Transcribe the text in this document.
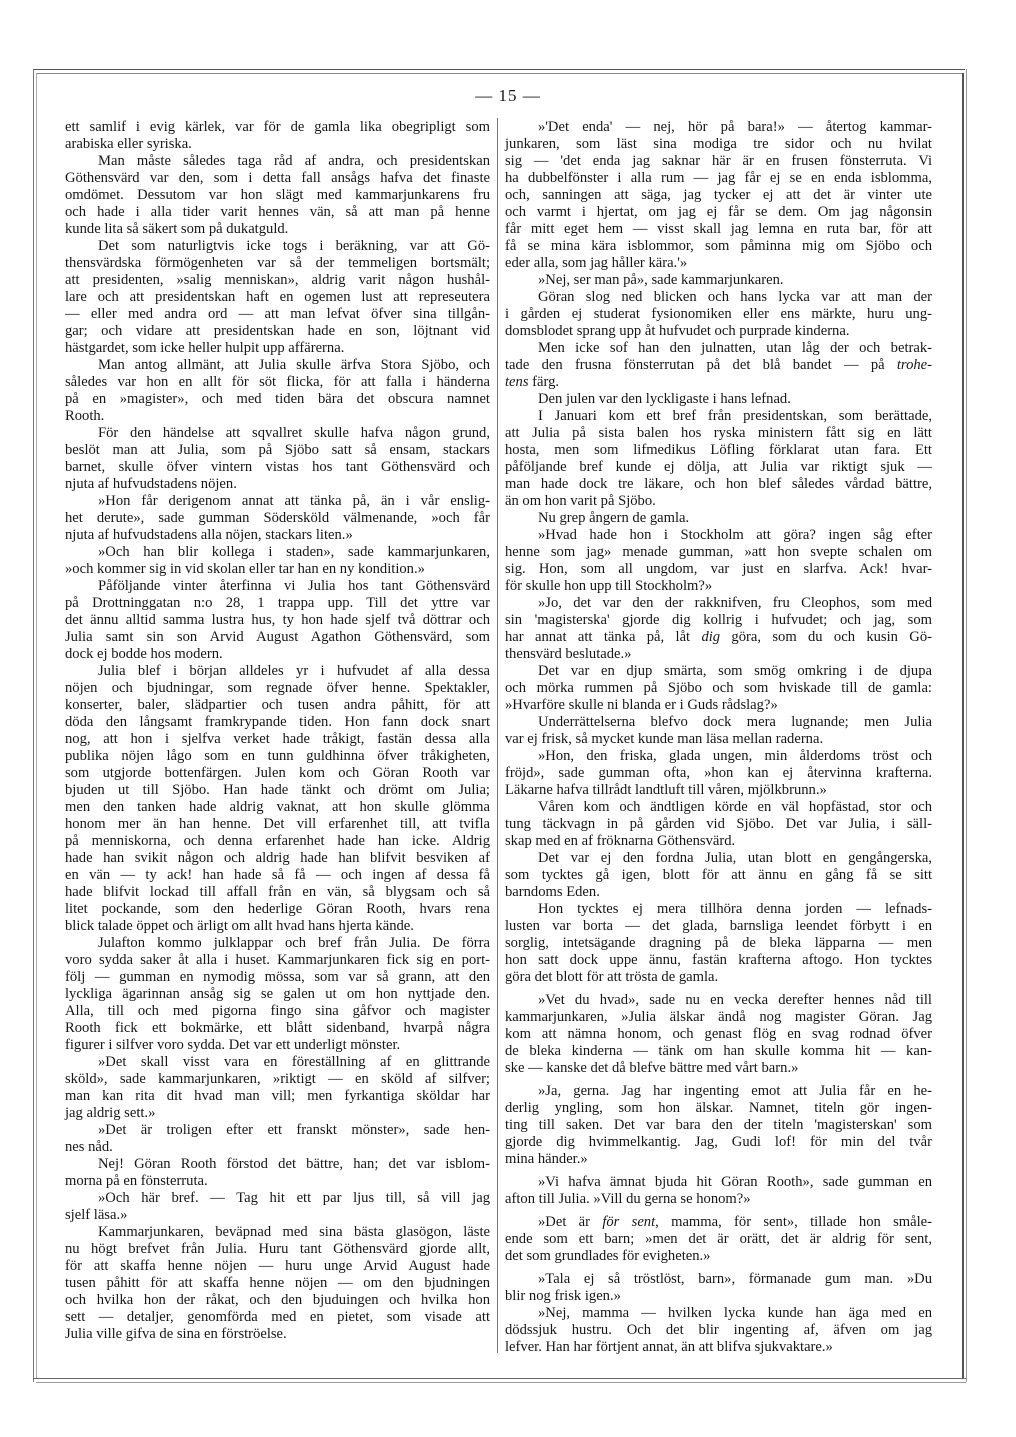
— 15 —
ett samlif i evig kärlek, var för de gamla lika obegripligt som
arabiska eller syriska.
Man måste således taga råd af andra, och presidentskan
Göthensvärd var den, som i detta fall ansågs hafva det finaste
omdömet. Dessutom var hon slägt med kammarjunkarens fru
och hade i alla tider varit hennes vän, så att man på henne
kunde lita så säkert som på dukatguld.
Det som naturligtvis icke togs i beräkning, var att Gö-
thensvärdska förmögenheten var så der temmeligen bortsmält;
att presidenten, »salig menniskan», aldrig varit någon hushål-
lare och att presidentskan haft en ogemen lust att represeutera
— eller med andra ord — att man lefvat öfver sina tillgån-
gar; och vidare att presidentskan hade en son, löjtnant vid
hästgardet, som icke heller hulpit upp affärerna.
Man antog allmänt, att Julia skulle ärfva Stora Sjöbo, och
således var hon en allt för söt flicka, för att falla i händerna
på en »magister», och med tiden bära det obscura namnet
Rooth.
För den händelse att sqvallret skulle hafva någon grund,
beslöt man att Julia, som på Sjöbo satt så ensam, stackars
barnet, skulle öfver vintern vistas hos tant Göthensvärd och
njuta af hufvudstadens nöjen.
»Hon får derigenom annat att tänka på, än i vår enslig-
het derute», sade gumman Södersköld välmenande, »och får
njuta af hufvudstadens alla nöjen, stackars liten.»
»Och han blir kollega i staden», sade kammarjunkaren,
»och kommer sig in vid skolan eller tar han en ny kondition.»
Påföljande vinter återfinna vi Julia hos tant Göthensvärd
på Drottninggatan n:o 28, 1 trappa upp. Till det yttre var
det ännu alltid samma lustra hus, ty hon hade sjelf två döttrar och
Julia samt sin son Arvid August Agathon Göthensvärd, som
dock ej bodde hos modern.
Julia blef i början alldeles yr i hufvudet af alla dessa
nöjen och bjudningar, som regnade öfver henne. Spektakler,
konserter, baler, slädpartier och tusen andra påhitt, för att
döda den långsamt framkrypande tiden. Hon fann dock snart
nog, att hon i sjelfva verket hade tråkigt, fastän dessa alla
publika nöjen lågo som en tunn guldhinna öfver tråkigheten,
som utgjorde bottenfärgen. Julen kom och Göran Rooth var
bjuden ut till Sjöbo. Han hade tänkt och drömt om Julia;
men den tanken hade aldrig vaknat, att hon skulle glömma
honom mer än han henne. Det vill erfarenhet till, att tvifla
på menniskorna, och denna erfarenhet hade han icke. Aldrig
hade han svikit någon och aldrig hade han blifvit besviken af
en vän — ty ack! han hade så få — och ingen af dessa få
hade blifvit lockad till affall från en vän, så blygsam och så
litet pockande, som den hederlige Göran Rooth, hvars rena
blick talade öppet och ärligt om allt hvad hans hjerta kände.
Julafton kommo julklappar och bref från Julia. De förra
voro sydda saker åt alla i huset. Kammarjunkaren fick sig en port-
följ — gumman en nymodig mössa, som var så grann, att den
lyckliga ägarinnan ansåg sig se galen ut om hon nyttjade den.
Alla, till och med pigorna fingo sina gåfvor och magister
Rooth fick ett bokmärke, ett blått sidenband, hvarpå några
figurer i silfver voro sydda. Det var ett underligt mönster.
»Det skall visst vara en föreställning af en glittrande
sköld», sade kammarjunkaren, »riktigt — en sköld af silfver;
man kan rita dit hvad man vill; men fyrkantiga sköldar har
jag aldrig sett.»
»Det är troligen efter ett franskt mönster», sade hen-
nes nåd.
Nej! Göran Rooth förstod det bättre, han; det var isblom-
morna på en fönsterruta.
»Och här bref. — Tag hit ett par ljus till, så vill jag
sjelf läsa.»
Kammarjunkaren, beväpnad med sina bästa glasögon, läste
nu högt brefvet från Julia. Huru tant Göthensvärd gjorde allt,
för att skaffa henne nöjen — huru unge Arvid August hade
tusen påhitt för att skaffa henne nöjen — om den bjudningen
och hvilka hon der råkat, och den bjuduingen och hvilka hon
sett — detaljer, genomförda med en pietet, som visade att
Julia ville gifva de sina en förströelse.
»'Det enda' — nej, hör på bara!» — återtog kammar-
junkaren, som läst sina modiga tre sidor och nu hvilat
sig — 'det enda jag saknar här är en frusen fönsterruta. Vi
ha dubbelfönster i alla rum — jag får ej se en enda isblomma,
och, sanningen att säga, jag tycker ej att det är vinter ute
och varmt i hjertat, om jag ej får se dem. Om jag någonsin
får mitt eget hem — visst skall jag lemna en ruta bar, för att
få se mina kära isblommor, som påminna mig om Sjöbo och
eder alla, som jag håller kära.'»
»Nej, ser man på», sade kammarjunkaren.
Göran slog ned blicken och hans lycka var att man der
i gården ej studerat fysionomiken eller ens märkte, huru ung-
domsblodet sprang upp åt hufvudet och purprade kinderna.
Men icke sof han den julnatten, utan låg der och betrak-
tade den frusna fönsterrutan på det blå bandet — på trohe-
tens färg.
Den julen var den lyckligaste i hans lefnad.
I Januari kom ett bref från presidentskan, som berättade,
att Julia på sista balen hos ryska ministern fått sig en lätt
hosta, men som lifmedikus Löfling förklarat utan fara. Ett
påföljande bref kunde ej dölja, att Julia var riktigt sjuk —
man hade dock tre läkare, och hon blef således vårdad bättre,
än om hon varit på Sjöbo.
Nu grep ångern de gamla.
»Hvad hade hon i Stockholm att göra? ingen såg efter
henne som jag» menade gumman, »att hon svepte schalen om
sig. Hon, som all ungdom, var just en slarfva. Ack! hvar-
för skulle hon upp till Stockholm?»
»Jo, det var den der rakknifven, fru Cleophos, som med
sin 'magisterska' gjorde dig kollrig i hufvudet; och jag, som
har annat att tänka på, låt dig göra, som du och kusin Gö-
thensvärd beslutade.»
Det var en djup smärta, som smög omkring i de djupa
och mörka rummen på Sjöbo och som hviskade till de gamla:
»Hvarföre skulle ni blanda er i Guds rådslag?»
Underrättelserna blefvo dock mera lugnande; men Julia
var ej frisk, så mycket kunde man läsa mellan raderna.
»Hon, den friska, glada ungen, min ålderdoms tröst och
fröjd», sade gumman ofta, »hon kan ej återvinna krafterna.
Läkarne hafva tillrådt landtluft till våren, mjölkbrunn.»
Våren kom och ändtligen körde en väl hopfästad, stor och
tung täckvagn in på gården vid Sjöbo. Det var Julia, i säll-
skap med en af fröknarna Göthensvärd.
Det var ej den fordna Julia, utan blott en gengångerska,
som tycktes gå igen, blott för att ännu en gång få se sitt
barndoms Eden.
Hon tycktes ej mera tillhöra denna jorden — lefnads-
lusten var borta — det glada, barnsliga leendet förbytt i en
sorglig, intetsägande dragning på de bleka läpparna — men
hon satt dock uppe ännu, fastän krafterna aftogo. Hon tycktes
göra det blott för att trösta de gamla.
»Vet du hvad», sade nu en vecka derefter hennes nåd till
kammarjunkaren, »Julia älskar ändå nog magister Göran. Jag
kom att nämna honom, och genast flög en svag rodnad öfver
de bleka kinderna — tänk om han skulle komma hit — kan-
ske — kanske det då blefve bättre med vårt barn.»
»Ja, gerna. Jag har ingenting emot att Julia får en he-
derlig yngling, som hon älskar. Namnet, titeln gör ingen-
ting till saken. Det var bara den der titeln 'magisterskan' som
gjorde dig hvimmelkantig. Jag, Gudi lof! för min del tvår
mina händer.»
»Vi hafva ämnat bjuda hit Göran Rooth», sade gumman en
afton till Julia. »Vill du gerna se honom?»
»Det är för sent, mamma, för sent», tillade hon småle-
ende som ett barn; »men det är orätt, det är aldrig för sent,
det som grundlades för evigheten.»
»Tala ej så tröstlöst, barn», förmanade gum man. »Du
blir nog frisk igen.»
»Nej, mamma — hvilken lycka kunde han äga med en
dödssjuk hustru. Och det blir ingenting af, äfven om jag
lefver. Han har förtjent annat, än att blifva sjukvaktare.»
